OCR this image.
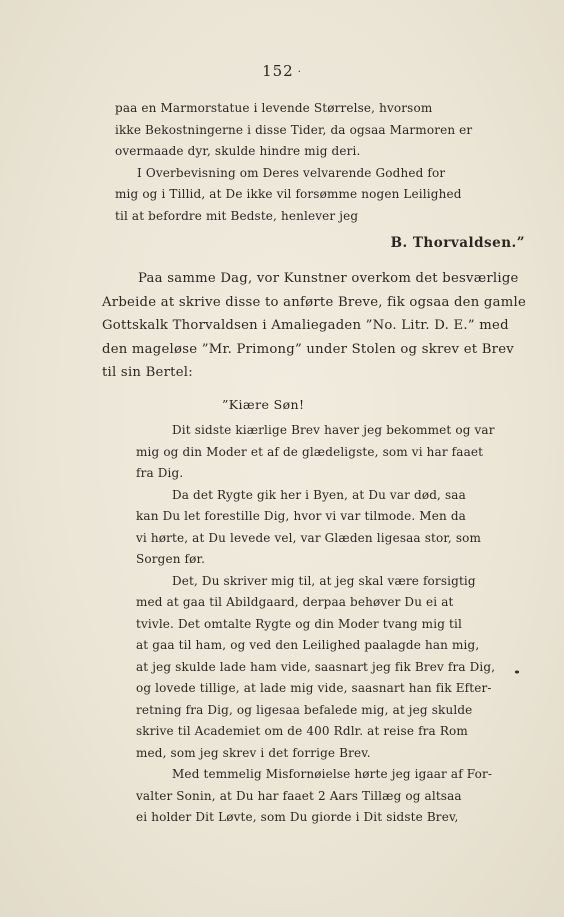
152 ·
paa en Marmorstatue i levende Størrelse, hvorsom
ikke Bekostningerne i disse Tider, da ogsaa Marmoren er
overmaade dyr, skulde hindre mig deri.
I Overbevisning om Deres velvarende Godhed for
mig og i Tillid, at De ikke vil forsømme nogen Leilighed
til at befordre mit Bedste, henlever jeg
B. Thorvaldsen.”
Paa samme Dag, vor Kunstner overkom det besværlige
Arbeide at skrive disse to anførte Breve, fik ogsaa den gamle
Gottskalk Thorvaldsen i Amaliegaden ”No. Litr. D. E.” med
den mageløse ”Mr. Primong” under Stolen og skrev et Brev
til sin Bertel:
”Kiære Søn!
Dit sidste kiærlige Brev haver jeg bekommet og var
mig og din Moder et af de glædeligste, som vi har faaet
fra Dig.
Da det Rygte gik her i Byen, at Du var død, saa
kan Du let forestille Dig, hvor vi var tilmode. Men da
vi hørte, at Du levede vel, var Glæden ligesaa stor, som
Sorgen før.
Det, Du skriver mig til, at jeg skal være forsigtig
med at gaa til Abildgaard, derpaa behøver Du ei at
tvivle. Det omtalte Rygte og din Moder tvang mig til
at gaa til ham, og ved den Leilighed paalagde han mig,
at jeg skulde lade ham vide, saasnart jeg fik Brev fra Dig,
og lovede tillige, at lade mig vide, saasnart han fik Efter-
retning fra Dig, og ligesaa befalede mig, at jeg skulde
skrive til Academiet om de 400 Rdlr. at reise fra Rom
med, som jeg skrev i det forrige Brev.
Med temmelig Misfornøielse hørte jeg igaar af For-
valter Sonin, at Du har faaet 2 Aars Tillæg og altsaa
ei holder Dit Løvte, som Du giorde i Dit sidste Brev,
